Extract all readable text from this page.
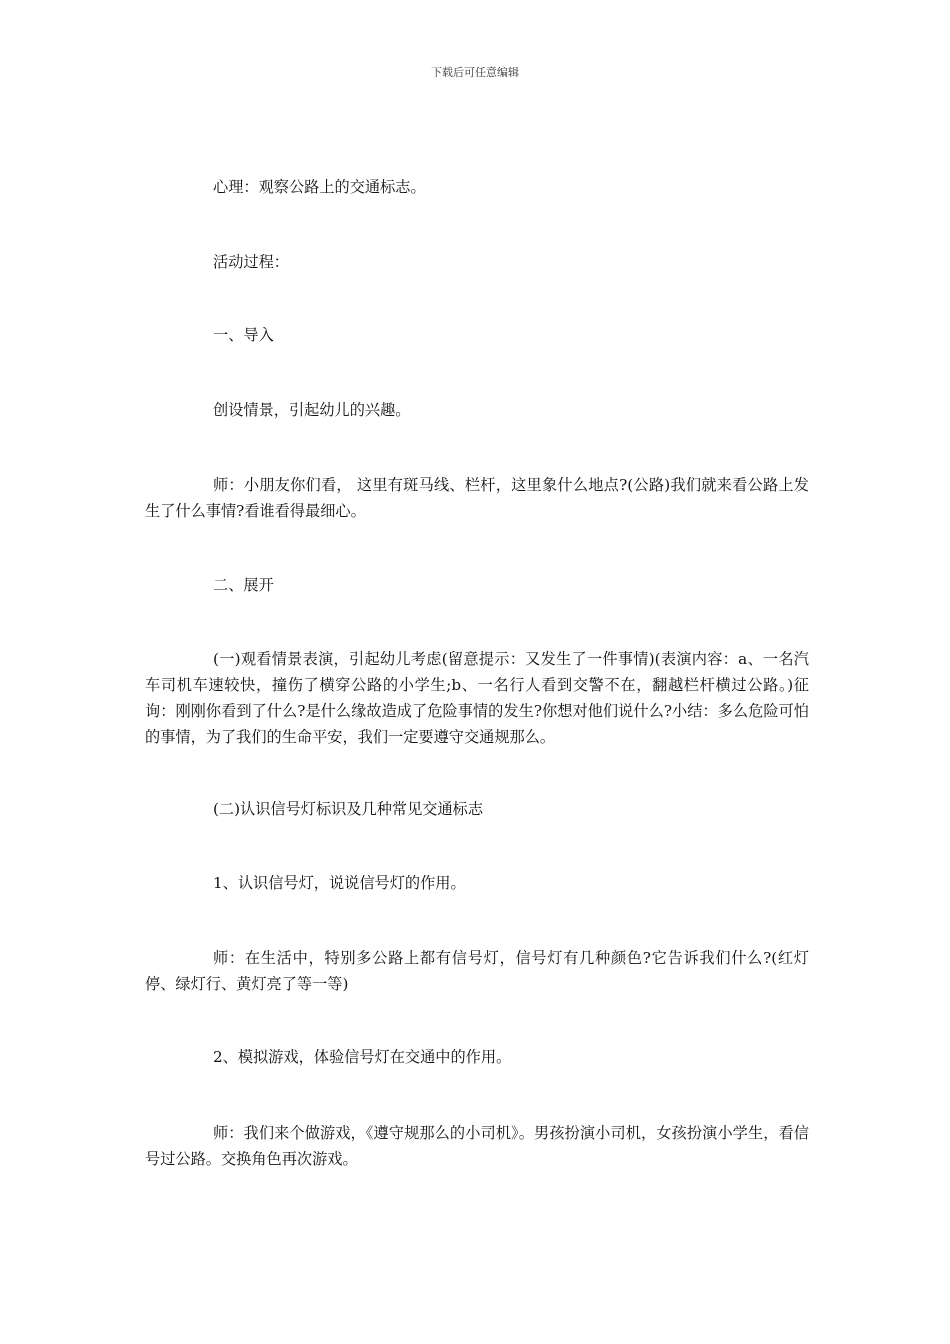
下载后可任意编辑

心理：观察公路上的交通标志。

活动过程：

一、导入

创设情景，引起幼儿的兴趣。

师：小朋友你们看， 这里有斑马线、栏杆，这里象什么地点?(公路)我们就来看公路上发生了什么事情?看谁看得最细心。

二、展开

(一)观看情景表演，引起幼儿考虑(留意提示：又发生了一件事情)(表演内容：a、一名汽车司机车速较快，撞伤了横穿公路的小学生;b、一名行人看到交警不在，翻越栏杆横过公路。)征询：刚刚你看到了什么?是什么缘故造成了危险事情的发生?你想对他们说什么?小结：多么危险可怕的事情，为了我们的生命平安，我们一定要遵守交通规那么。

(二)认识信号灯标识及几种常见交通标志

1、认识信号灯，说说信号灯的作用。

师：在生活中，特别多公路上都有信号灯，信号灯有几种颜色?它告诉我们什么?(红灯停、绿灯行、黄灯亮了等一等)

2、模拟游戏，体验信号灯在交通中的作用。

师：我们来个做游戏，《遵守规那么的小司机》。男孩扮演小司机，女孩扮演小学生，看信号过公路。交换角色再次游戏。
